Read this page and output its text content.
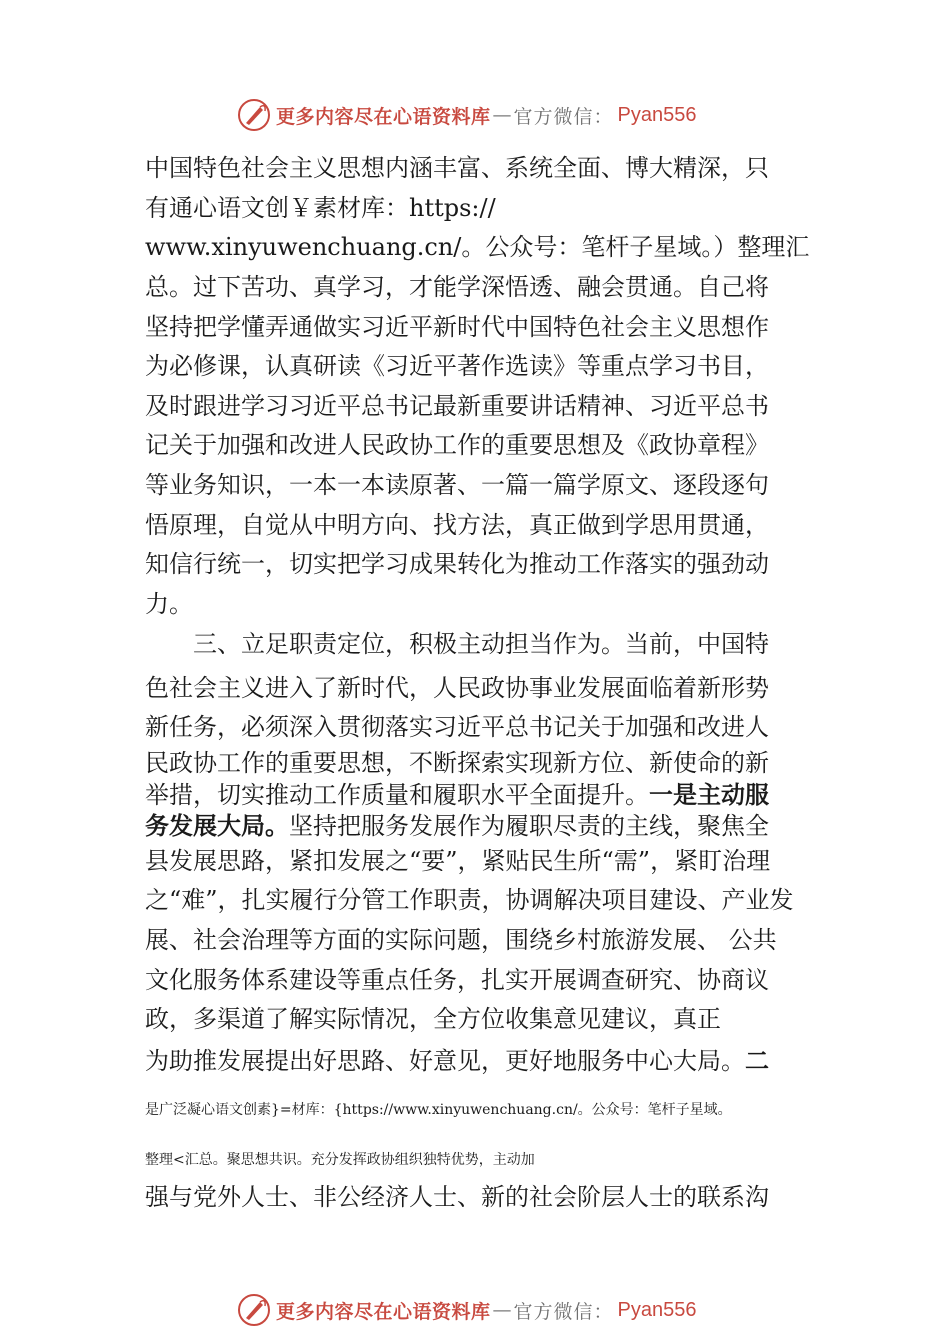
更多内容尽在心语资料库 — 官方微信： Pyan556
中国特色社会主义思想内涵丰富、系统全面、博大精深，只
有通心语文创￥素材库：https://
www.xinyuwenchuang.cn/。公众号：笔杆子星域。）整理汇
总。过下苦功、真学习，才能学深悟透、融会贯通。自己将
坚持把学懂弄通做实习近平新时代中国特色社会主义思想作
为必修课，认真研读《习近平著作选读》等重点学习书目，
及时跟进学习习近平总书记最新重要讲话精神、习近平总书
记关于加强和改进人民政协工作的重要思想及《政协章程》
等业务知识，一本一本读原著、一篇一篇学原文、逐段逐句
悟原理，自觉从中明方向、找方法，真正做到学思用贯通，
知信行统一，切实把学习成果转化为推动工作落实的强劲动
力。
　　三、立足职责定位，积极主动担当作为。当前，中国特
色社会主义进入了新时代，人民政协事业发展面临着新形势
新任务，必须深入贯彻落实习近平总书记关于加强和改进人
民政协工作的重要思想，不断探索实现新方位、新使命的新
举措，切实推动工作质量和履职水平全面提升。一是主动服
务发展大局。坚持把服务发展作为履职尽责的主线，聚焦全
县发展思路，紧扣发展之“要”，紧贴民生所“需”，紧盯治理
之“难”，扎实履行分管工作职责，协调解决项目建设、产业发
展、社会治理等方面的实际问题，围绕乡村旅游发展、 公共
文化服务体系建设等重点任务，扎实开展调查研究、协商议
政，多渠道了解实际情况，全方位收集意见建议，真正
为助推发展提出好思路、好意见，更好地服务中心大局。二
是广泛凝心语文创素}=材库：{https://www.xinyuwenchuang.cn/。公众号：笔杆子星域。
整理<汇总。聚思想共识。充分发挥政协组织独特优势，主动加
强与党外人士、非公经济人士、新的社会阶层人士的联系沟
更多内容尽在心语资料库 — 官方微信： Pyan556
